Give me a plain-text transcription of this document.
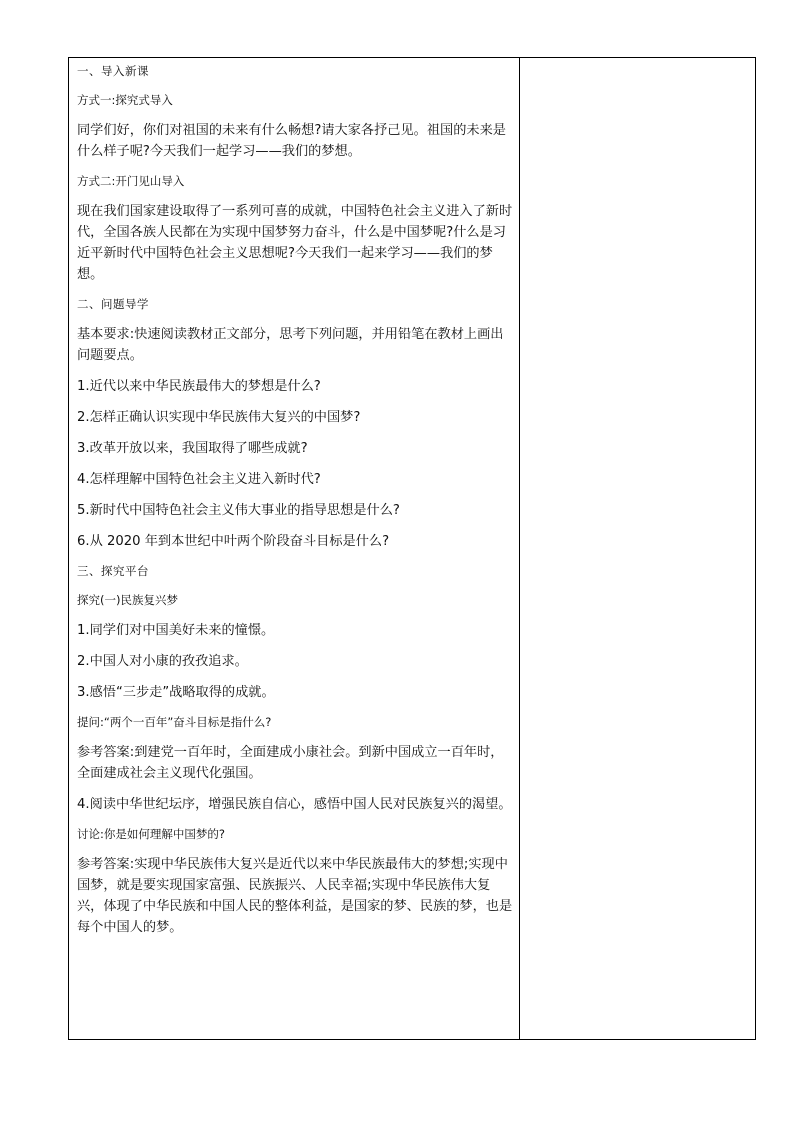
一、导入新课

方式一:探究式导入

同学们好，你们对祖国的未来有什么畅想?请大家各抒己见。祖国的未来是什么样子呢?今天我们一起学习——我们的梦想。

方式二:开门见山导入

现在我们国家建设取得了一系列可喜的成就，中国特色社会主义进入了新时代，全国各族人民都在为实现中国梦努力奋斗，什么是中国梦呢?什么是习近平新时代中国特色社会主义思想呢?今天我们一起来学习——我们的梦想。

二、问题导学

基本要求:快速阅读教材正文部分，思考下列问题，并用铅笔在教材上画出问题要点。

1.近代以来中华民族最伟大的梦想是什么?

2.怎样正确认识实现中华民族伟大复兴的中国梦?

3.改革开放以来，我国取得了哪些成就?

4.怎样理解中国特色社会主义进入新时代?

5.新时代中国特色社会主义伟大事业的指导思想是什么?

6.从 2020 年到本世纪中叶两个阶段奋斗目标是什么?

三、探究平台

探究(一)民族复兴梦

1.同学们对中国美好未来的憧憬。

2.中国人对小康的孜孜追求。

3.感悟“三步走”战略取得的成就。

提问:“两个一百年”奋斗目标是指什么?

参考答案:到建党一百年时，全面建成小康社会。到新中国成立一百年时，全面建成社会主义现代化强国。

4.阅读中华世纪坛序，增强民族自信心，感悟中国人民对民族复兴的渴望。

讨论:你是如何理解中国梦的?

参考答案:实现中华民族伟大复兴是近代以来中华民族最伟大的梦想;实现中国梦，就是要实现国家富强、民族振兴、人民幸福;实现中华民族伟大复兴，体现了中华民族和中国人民的整体利益，是国家的梦、民族的梦，也是每个中国人的梦。
